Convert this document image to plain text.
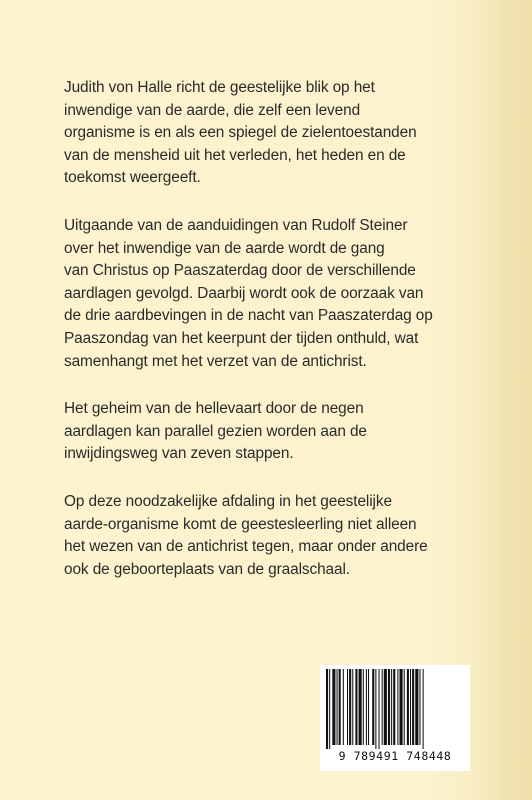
Judith von Halle richt de geestelijke blik op het
inwendige van de aarde, die zelf een levend
organisme is en als een spiegel de zielentoestanden
van de mensheid uit het verleden, het heden en de
toekomst weergeeft.

Uitgaande van de aanduidingen van Rudolf Steiner
over het inwendige van de aarde wordt de gang
van Christus op Paaszaterdag door de verschillende
aardlagen gevolgd. Daarbij wordt ook de oorzaak van
de drie aardbevingen in de nacht van Paaszaterdag op
Paaszondag van het keerpunt der tijden onthuld, wat
samenhangt met het verzet van de antichrist.

Het geheim van de hellevaart door de negen
aardlagen kan parallel gezien worden aan de
inwijdingsweg van zeven stappen.

Op deze noodzakelijke afdaling in het geestelijke
aarde-organisme komt de geestesleerling niet alleen
het wezen van de antichrist tegen, maar onder andere
ook de geboorteplaats van de graalschaal.

9 789491 748448
